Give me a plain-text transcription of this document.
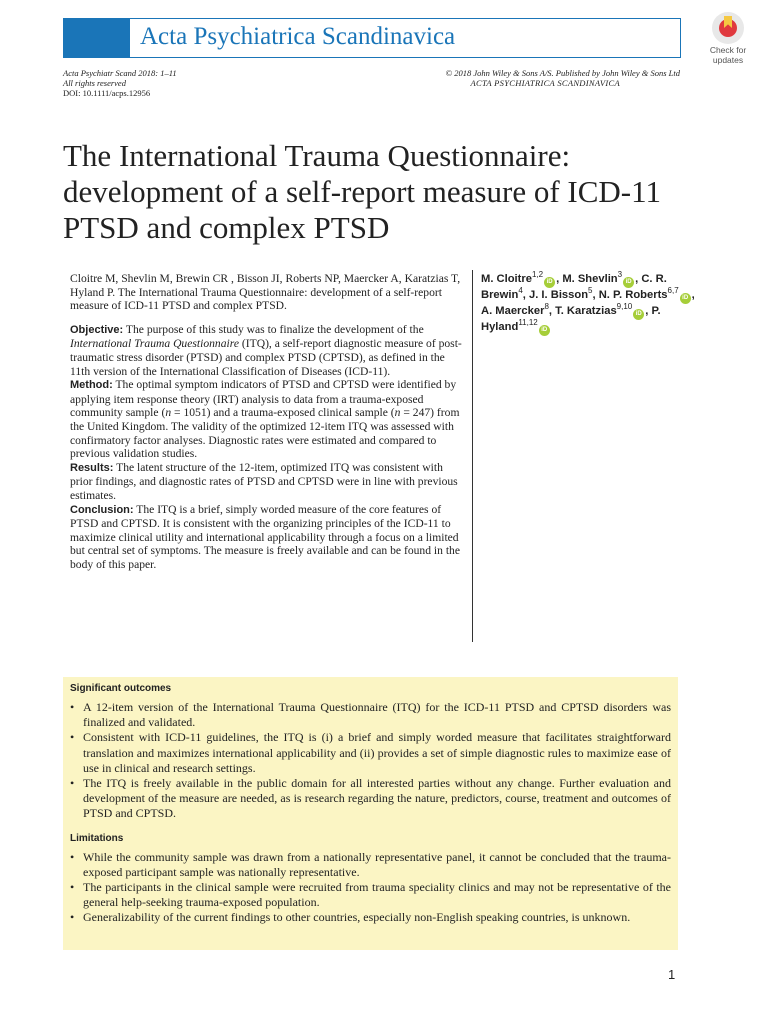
Acta Psychiatrica Scandinavica	Check for
updates
Acta Psychiatr Scand 2018: 1–11
All rights reserved
DOI: 10.1111/acps.12956
© 2018 John Wiley & Sons A/S. Published by John Wiley & Sons Ltd
ACTA PSYCHIATRICA SCANDINAVICA
The International Trauma Questionnaire: development of a self-report measure of ICD-11 PTSD and complex PTSD

Cloitre M, Shevlin M, Brewin CR , Bisson JI, Roberts NP, Maercker A, Karatzias T, Hyland P. The International Trauma Questionnaire: development of a self-report measure of ICD-11 PTSD and complex PTSD.

Objective: The purpose of this study was to finalize the development of the International Trauma Questionnaire (ITQ), a self-report diagnostic measure of post-traumatic stress disorder (PTSD) and complex PTSD (CPTSD), as defined in the 11th version of the International Classification of Diseases (ICD-11).

Method: The optimal symptom indicators of PTSD and CPTSD were identified by applying item response theory (IRT) analysis to data from a trauma-exposed community sample (n = 1051) and a trauma-exposed clinical sample (n = 247) from the United Kingdom. The validity of the optimized 12-item ITQ was assessed with confirmatory factor analyses. Diagnostic rates were estimated and compared to previous validation studies.

Results: The latent structure of the 12-item, optimized ITQ was consistent with prior findings, and diagnostic rates of PTSD and CPTSD were in line with previous estimates.

Conclusion: The ITQ is a brief, simply worded measure of the core features of PTSD and CPTSD. It is consistent with the organizing principles of the ICD-11 to maximize clinical utility and international applicability through a focus on a limited but central set of symptoms. The measure is freely available and can be found in the body of this paper.

M. Cloitre$^{1,2}$iD , M. Shevlin$^3$iD , C. R. Brewin$^4$, J. I. Bisson$^5$, N. P. Roberts$^{6,7}$iD , A. Maercker$^8$, T. Karatzias$^{9,10}$iD , P. Hyland$^{11,12}$iD
Significant outcomes
• A 12-item version of the International Trauma Questionnaire (ITQ) for the ICD-11 PTSD and CPTSD disorders was finalized and validated.
• Consistent with ICD-11 guidelines, the ITQ is (i) a brief and simply worded measure that facilitates straightforward translation and maximizes international applicability and (ii) provides a set of simple diagnostic rules to maximize ease of use in clinical and research settings.
• The ITQ is freely available in the public domain for all interested parties without any change. Further evaluation and development of the measure are needed, as is research regarding the nature, predictors, course, treatment and outcomes of PTSD and CPTSD.
Limitations
• While the community sample was drawn from a nationally representative panel, it cannot be concluded that the trauma-exposed participant sample was nationally representative.
• The participants in the clinical sample were recruited from trauma speciality clinics and may not be representative of the general help-seeking trauma-exposed population.
• Generalizability of the current findings to other countries, especially non-English speaking countries, is unknown.
1
